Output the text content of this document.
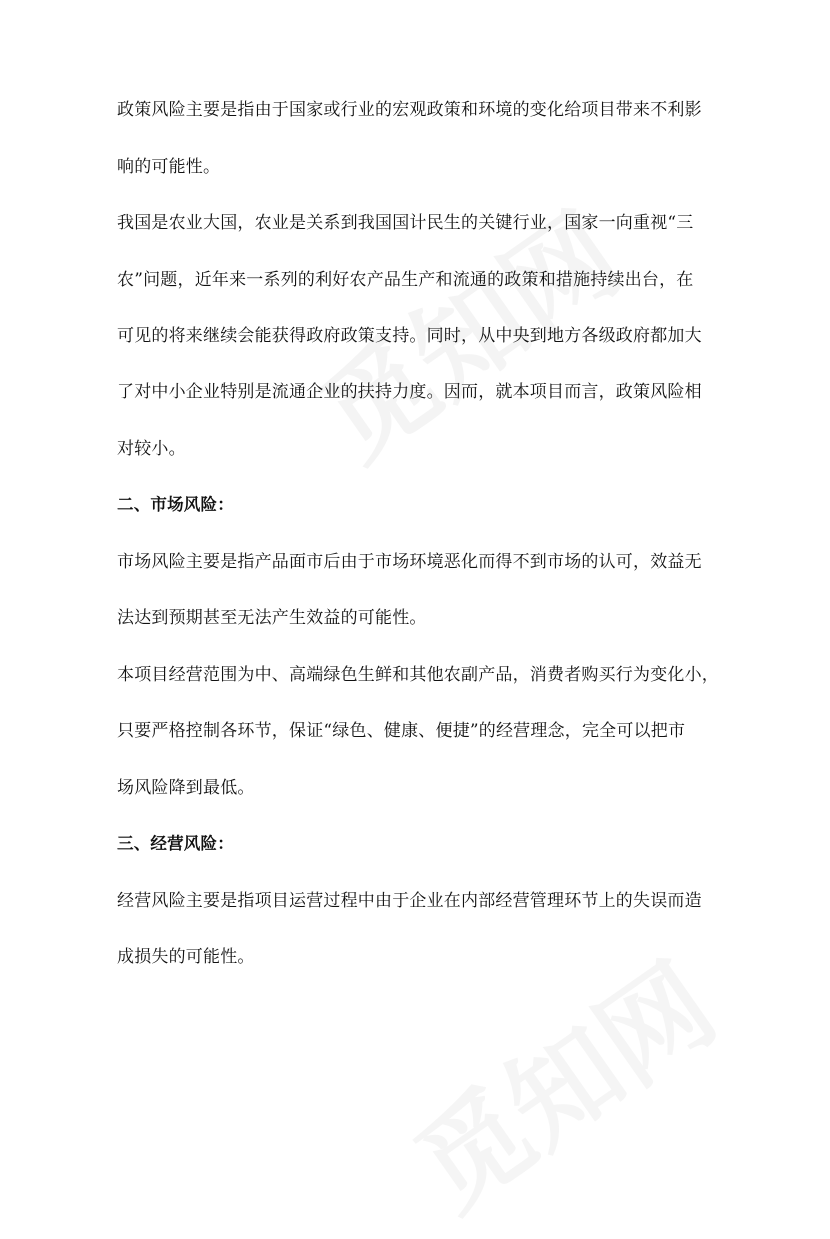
政策风险主要是指由于国家或行业的宏观政策和环境的变化给项目带来不利影
响的可能性。
我国是农业大国，农业是关系到我国国计民生的关键行业，国家一向重视“三
农”问题，近年来一系列的利好农产品生产和流通的政策和措施持续出台，在
可见的将来继续会能获得政府政策支持。同时，从中央到地方各级政府都加大
了对中小企业特别是流通企业的扶持力度。因而，就本项目而言，政策风险相
对较小。
二、市场风险：
市场风险主要是指产品面市后由于市场环境恶化而得不到市场的认可，效益无
法达到预期甚至无法产生效益的可能性。
本项目经营范围为中、高端绿色生鲜和其他农副产品，消费者购买行为变化小，
只要严格控制各环节，保证“绿色、健康、便捷”的经营理念，完全可以把市
场风险降到最低。
三、经营风险：
经营风险主要是指项目运营过程中由于企业在内部经营管理环节上的失误而造
成损失的可能性。
